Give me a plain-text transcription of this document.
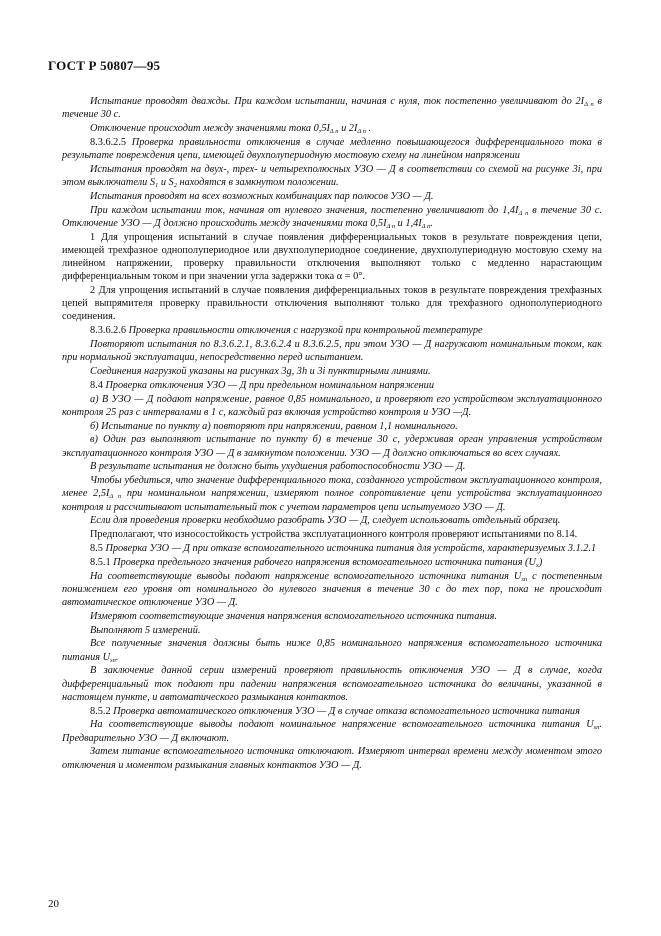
ГОСТ Р 50807—95

Испытание проводят дважды. При каждом испытании, начиная с нуля, ток постепенно увеличивают до $2I_{\Delta n}$ в течение 30 с.

Отключение происходит между значениями тока $0,5I_{\Delta n}$ и $2I_{\Delta n}$ .

8.3.6.2.5 Проверка правильности отключения в случае медленно повышающегося дифференциального тока в результате повреждения цепи, имеющей двухполупериодную мостовую схему на линейном напряжении

Испытания проводят на двух-, трех- и четырехполюсных УЗО — Д в соответствии со схемой на рисунке 3i, при этом выключатели $S_1$ и $S_2$ находятся в замкнутом положении.

Испытания проводят на всех возможных комбинациях пар полюсов УЗО — Д.

При каждом испытании ток, начиная от нулевого значения, постепенно увеличивают до $1,4I_{\Delta n}$ в течение 30 с. Отключение УЗО — Д должно происходить между значениями тока $0,5I_{\Delta n}$ и $1,4I_{\Delta n}$.

1 Для упрощения испытаний в случае появления дифференциальных токов в результате повреждения цепи, имеющей трехфазное однополупериодное или двухполупериодное соединение, двухполупериодную мостовую схему на линейном напряжении, проверку правильности отключения выполняют только с медленно нарастающим дифференциальным током и при значении угла задержки тока α = 0°.

2 Для упрощения испытаний в случае появления дифференциальных токов в результате повреждения трехфазных цепей выпрямителя проверку правильности отключения выполняют только для трехфазного однополупериодного соединения.

8.3.6.2.6 Проверка правильности отключения с нагрузкой при контрольной температуре

Повторяют испытания по 8.3.6.2.1, 8.3.6.2.4 и 8.3.6.2.5, при этом УЗО — Д нагружают номинальным током, как при нормальной эксплуатации, непосредственно перед испытанием.

Соединения нагрузкой указаны на рисунках 3g, 3h и 3i пунктирными линиями.

8.4 Проверка отключения УЗО — Д при предельном номинальном напряжении

а) В УЗО — Д подают напряжение, равное 0,85 номинального, и проверяют его устройством эксплуатационного контроля 25 раз с интервалами в 1 с, каждый раз включая устройство контроля и УЗО —Д.

б) Испытание по пункту а) повторяют при напряжении, равном 1,1 номинального.

в) Один раз выполняют испытание по пункту б) в течение 30 с, удерживая орган управления устройством эксплуатационного контроля УЗО — Д в замкнутом положении. УЗО — Д должно отключаться во всех случаях.

В результате испытания не должно быть ухудшения работоспособности УЗО — Д.

Чтобы убедиться, что значение дифференциального тока, созданного устройством эксплуатационного контроля, менее $2,5I_{\Delta n}$ при номинальном напряжении, измеряют полное сопротивление цепи устройства эксплуатационного контроля и рассчитывают испытательный ток с учетом параметров цепи испытуемого УЗО — Д.

Если для проведения проверки необходимо разобрать УЗО — Д, следует использовать отдельный образец.

Предполагают, что износостойкость устройства эксплуатационного контроля проверяют испытаниями по 8.14.

8.5 Проверка УЗО — Д при отказе вспомогательного источника питания для устройств, характеризуемых 3.1.2.1

8.5.1 Проверка предельного значения рабочего напряжения вспомогательного источника питания $(U_x)$

На соответствующие выводы подают напряжение вспомогательного источника питания $U_{sn}$ с постепенным понижением его уровня от номинального до нулевого значения в течение 30 с до тех пор, пока не происходит автоматическое отключение УЗО — Д.

Измеряют соответствующие значения напряжения вспомогательного источника питания.

Выполняют 5 измерений.

Все полученные значения должны быть ниже 0,85 номинального напряжения вспомогательного источника питания $U_{sn}$.

В заключение данной серии измерений проверяют правильность отключения УЗО — Д в случае, когда дифференциальный ток подают при падении напряжения вспомогательного источника до величины, указанной в настоящем пункте, и автоматического размыкания контактов.

8.5.2 Проверка автоматического отключения УЗО — Д в случае отказа вспомогательного источника питания

На соответствующие выводы подают номинальное напряжение вспомогательного источника питания $U_{sn}$. Предварительно УЗО — Д включают.

Затем питание вспомогательного источника отключают. Измеряют интервал времени между моментом этого отключения и моментом размыкания главных контактов УЗО — Д.

20
